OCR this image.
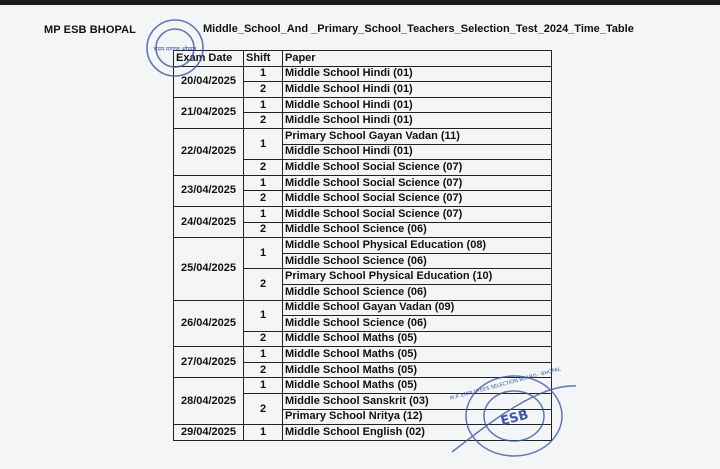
MP ESB BHOPAL	Middle_School_And _Primary_School_Teachers_Selection_Test_2024_Time_Table
Exam Date	Shift	Paper
20/04/2025	1	Middle School Hindi (01)
	2	Middle School Hindi (01)
21/04/2025	1	Middle School Hindi (01)
	2	Middle School Hindi (01)
22/04/2025	1	Primary School Gayan Vadan (11)
		Middle School Hindi (01)
	2	Middle School Social Science (07)
23/04/2025	1	Middle School Social Science (07)
	2	Middle School Social Science (07)
24/04/2025	1	Middle School Social Science (07)
	2	Middle School Science (06)
25/04/2025	1	Middle School Physical Education (08)
		Middle School Science (06)
	2	Primary School Physical Education (10)
		Middle School Science (06)
26/04/2025	1	Middle School Gayan Vadan (09)
		Middle School Science (06)
	2	Middle School Maths (05)
27/04/2025	1	Middle School Maths (05)
	2	Middle School Maths (05)
28/04/2025	1	Middle School Maths (05)
	2	Middle School Sanskrit (03)
		Primary School Nritya (12)
29/04/2025	1	Middle School English (02)
चयन मण्डल भोपाल
ESB
M.P. EMPLOYEES SELECTION BOARD · BHOPAL
